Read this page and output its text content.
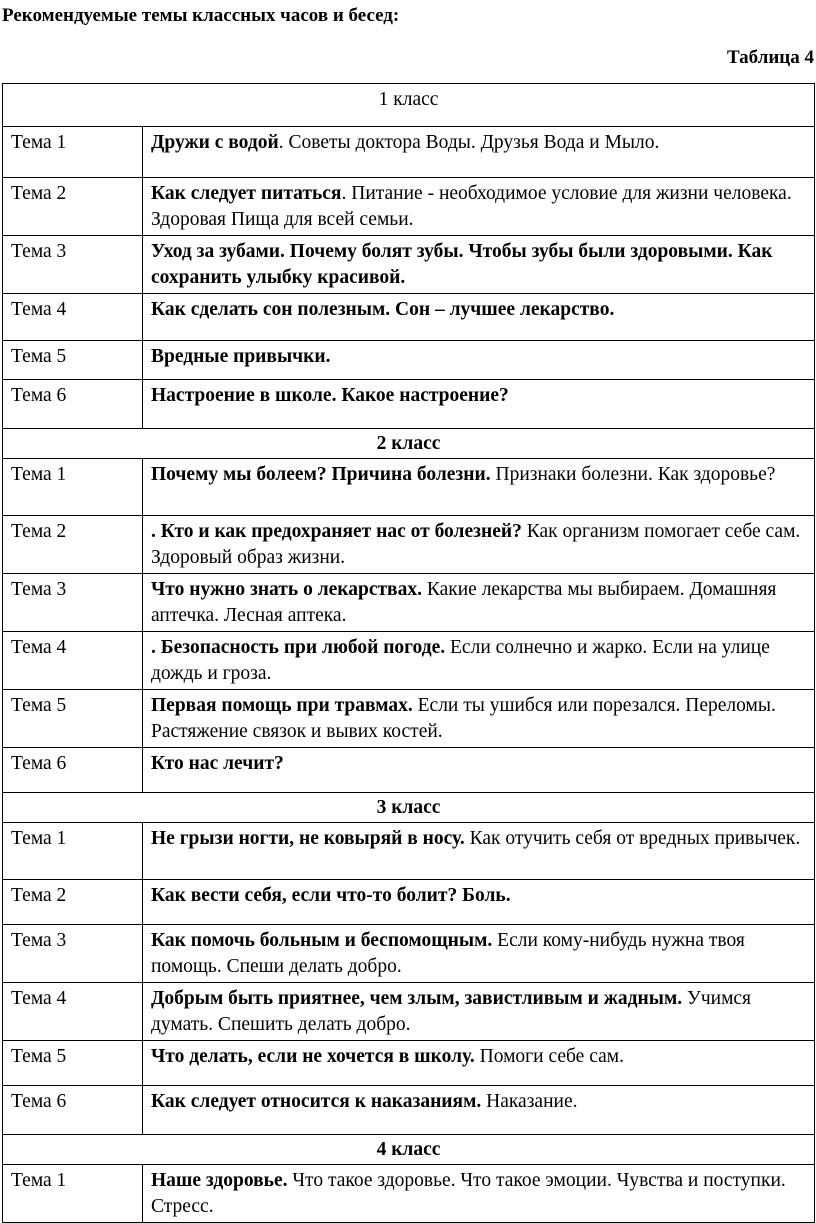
Рекомендуемые темы классных часов и бесед:
Таблица 4
1 класс	
Тема 1	Дружи с водой. Советы доктора Воды. Друзья Вода и Мыло.
Тема 2	Как следует питаться. Питание - необходимое условие для жизни человека. Здоровая Пища для всей семьи.
Тема 3	Уход за зубами. Почему болят зубы. Чтобы зубы были здоровыми. Как сохранить улыбку красивой.
Тема 4	Как сделать сон полезным. Сон – лучшее лекарство.
Тема 5	Вредные привычки.
Тема 6	Настроение в школе. Какое настроение?
2 класс	
Тема 1	Почему мы болеем? Причина болезни. Признаки болезни. Как здоровье?
Тема 2	. Кто и как предохраняет нас от болезней? Как организм помогает себе сам. Здоровый образ жизни.
Тема 3	Что нужно знать о лекарствах. Какие лекарства мы выбираем. Домашняя аптечка. Лесная аптека.
Тема 4	. Безопасность при любой погоде. Если солнечно и жарко. Если на улице дождь и гроза.
Тема 5	Первая помощь при травмах. Если ты ушибся или порезался. Переломы. Растяжение связок и вывих костей.
Тема 6	Кто нас лечит?
3 класс	
Тема 1	Не грызи ногти, не ковыряй в носу. Как отучить себя от вредных привычек.
Тема 2	Как вести себя, если что-то болит? Боль.
Тема 3	Как помочь больным и беспомощным. Если кому-нибудь нужна твоя помощь. Спеши делать добро.
Тема 4	Добрым быть приятнее, чем злым, завистливым и жадным. Учимся думать. Спешить делать добро.
Тема 5	Что делать, если не хочется в школу. Помоги себе сам.
Тема 6	Как следует относится к наказаниям. Наказание.
4 класс	
Тема 1	Наше здоровье. Что такое здоровье. Что такое эмоции. Чувства и поступки. Стресс.
